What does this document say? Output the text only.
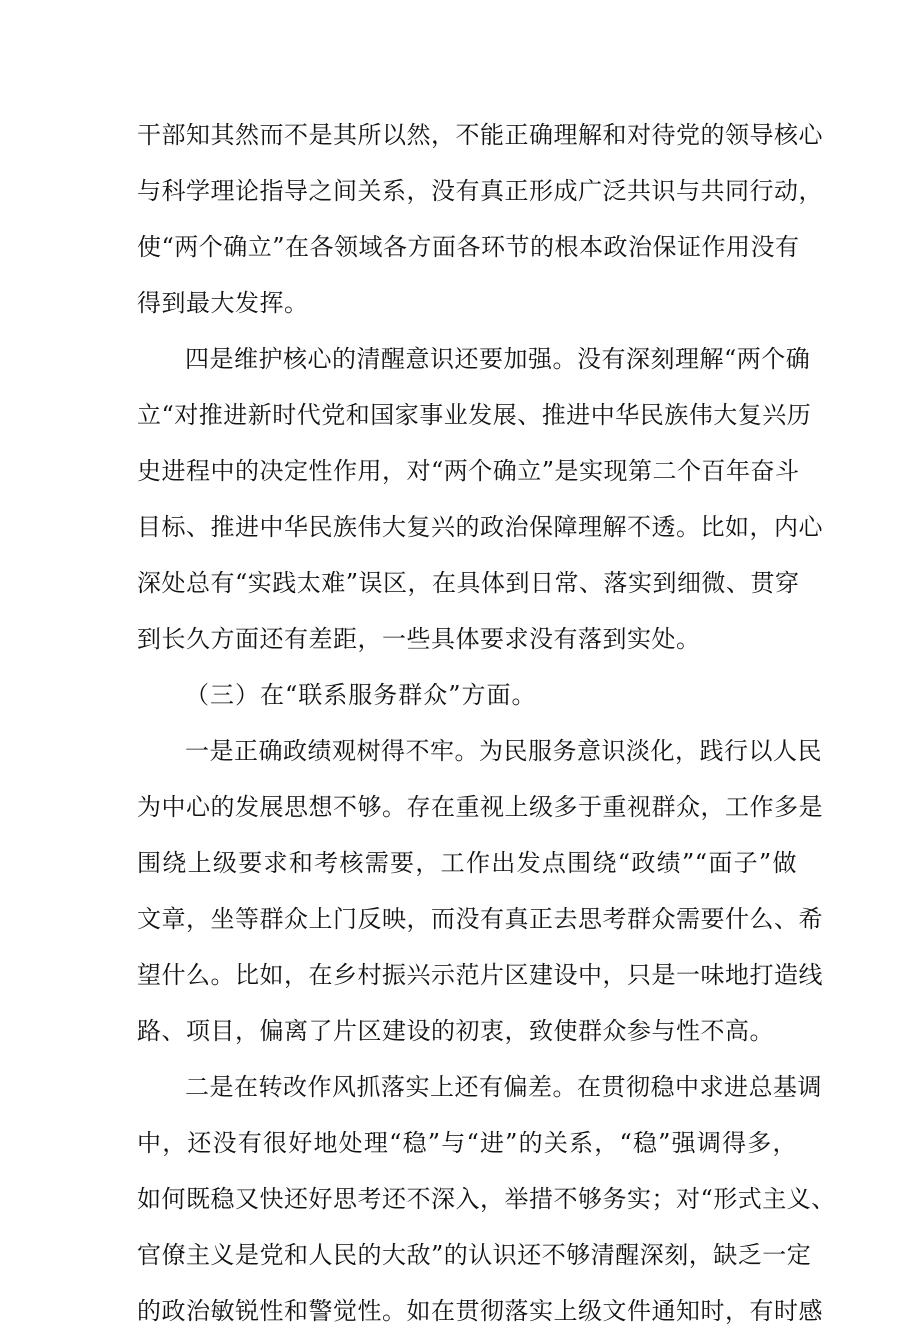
干部知其然而不是其所以然，不能正确理解和对待党的领导核心
与科学理论指导之间关系，没有真正形成广泛共识与共同行动，
使“两个确立”在各领域各方面各环节的根本政治保证作用没有
得到最大发挥。
四是维护核心的清醒意识还要加强。没有深刻理解“两个确
立“对推进新时代党和国家事业发展、推进中华民族伟大复兴历
史进程中的决定性作用，对“两个确立”是实现第二个百年奋斗
目标、推进中华民族伟大复兴的政治保障理解不透。比如，内心
深处总有“实践太难”误区，在具体到日常、落实到细微、贯穿
到长久方面还有差距，一些具体要求没有落到实处。
（三）在“联系服务群众”方面。
一是正确政绩观树得不牢。为民服务意识淡化，践行以人民
为中心的发展思想不够。存在重视上级多于重视群众，工作多是
围绕上级要求和考核需要，工作出发点围绕“政绩”“面子”做
文章，坐等群众上门反映，而没有真正去思考群众需要什么、希
望什么。比如，在乡村振兴示范片区建设中，只是一味地打造线
路、项目，偏离了片区建设的初衷，致使群众参与性不高。
二是在转改作风抓落实上还有偏差。在贯彻稳中求进总基调
中，还没有很好地处理“稳”与“进”的关系，“稳”强调得多，
如何既稳又快还好思考还不深入，举措不够务实；对“形式主义、
官僚主义是党和人民的大敌”的认识还不够清醒深刻，缺乏一定
的政治敏锐性和警觉性。如在贯彻落实上级文件通知时，有时感
